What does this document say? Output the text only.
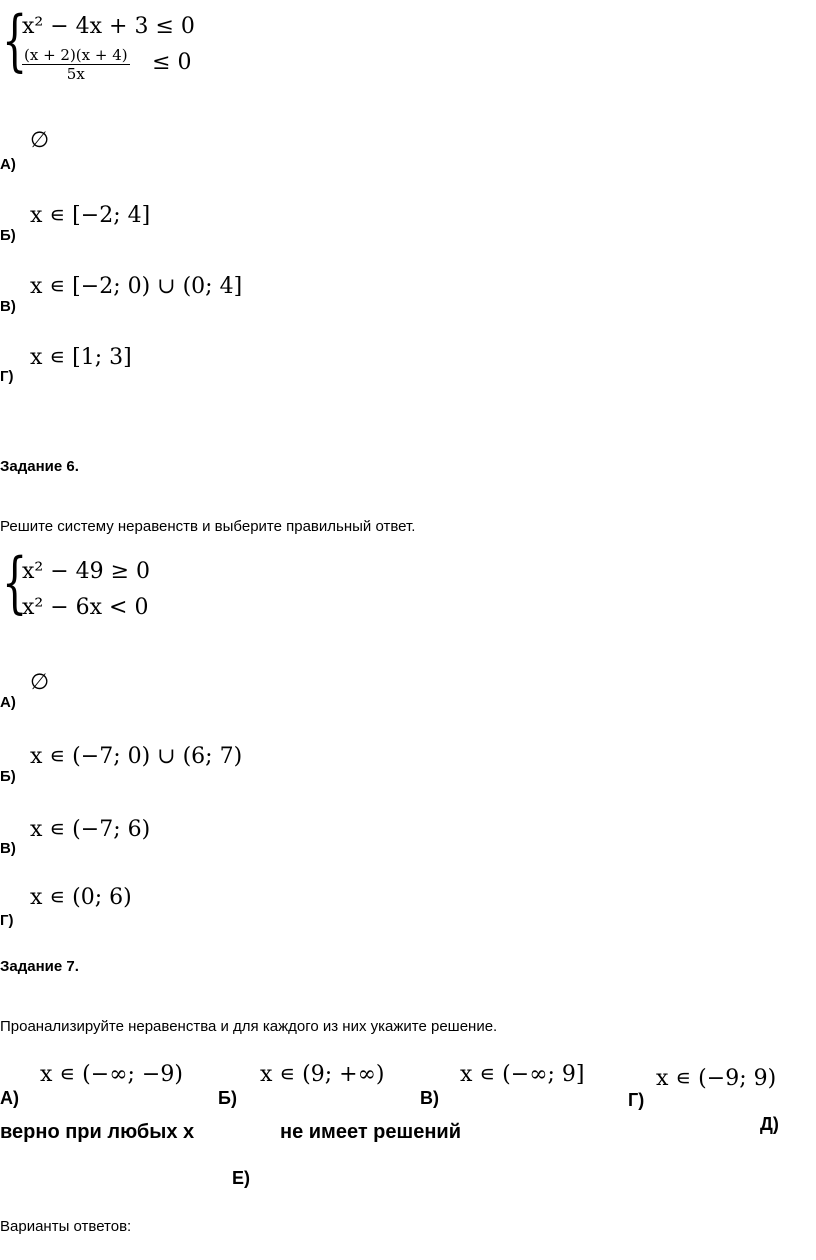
{
x² − 4x + 3 ≤ 0
$\frac{(x + 2)(x + 4)}{5x} \le 0$
∅
А)
x ∊ [−2; 4]
Б)
x ∊ [−2; 0) ∪ (0; 4]
В)
x ∊ [1; 3]
Г)
Задание 6.
Решите систему неравенств и выберите правильный ответ.
{
x² − 49 ≥ 0
x² − 6x < 0
∅
А)
x ∊ (−7; 0) ∪ (6; 7)
Б)
x ∊ (−7; 6)
В)
x ∊ (0; 6)
Г)
Задание 7.
Проанализируйте неравенства и для каждого из них укажите решение.
x ∊ (−∞; −9)
А)
x ∊ (9; +∞)
Б)
x ∊ (−∞; 9]
В)
x ∊ (−9; 9)
Г)
верно при любых x	не имеет решений	Д)
Е)
Варианты ответов:
